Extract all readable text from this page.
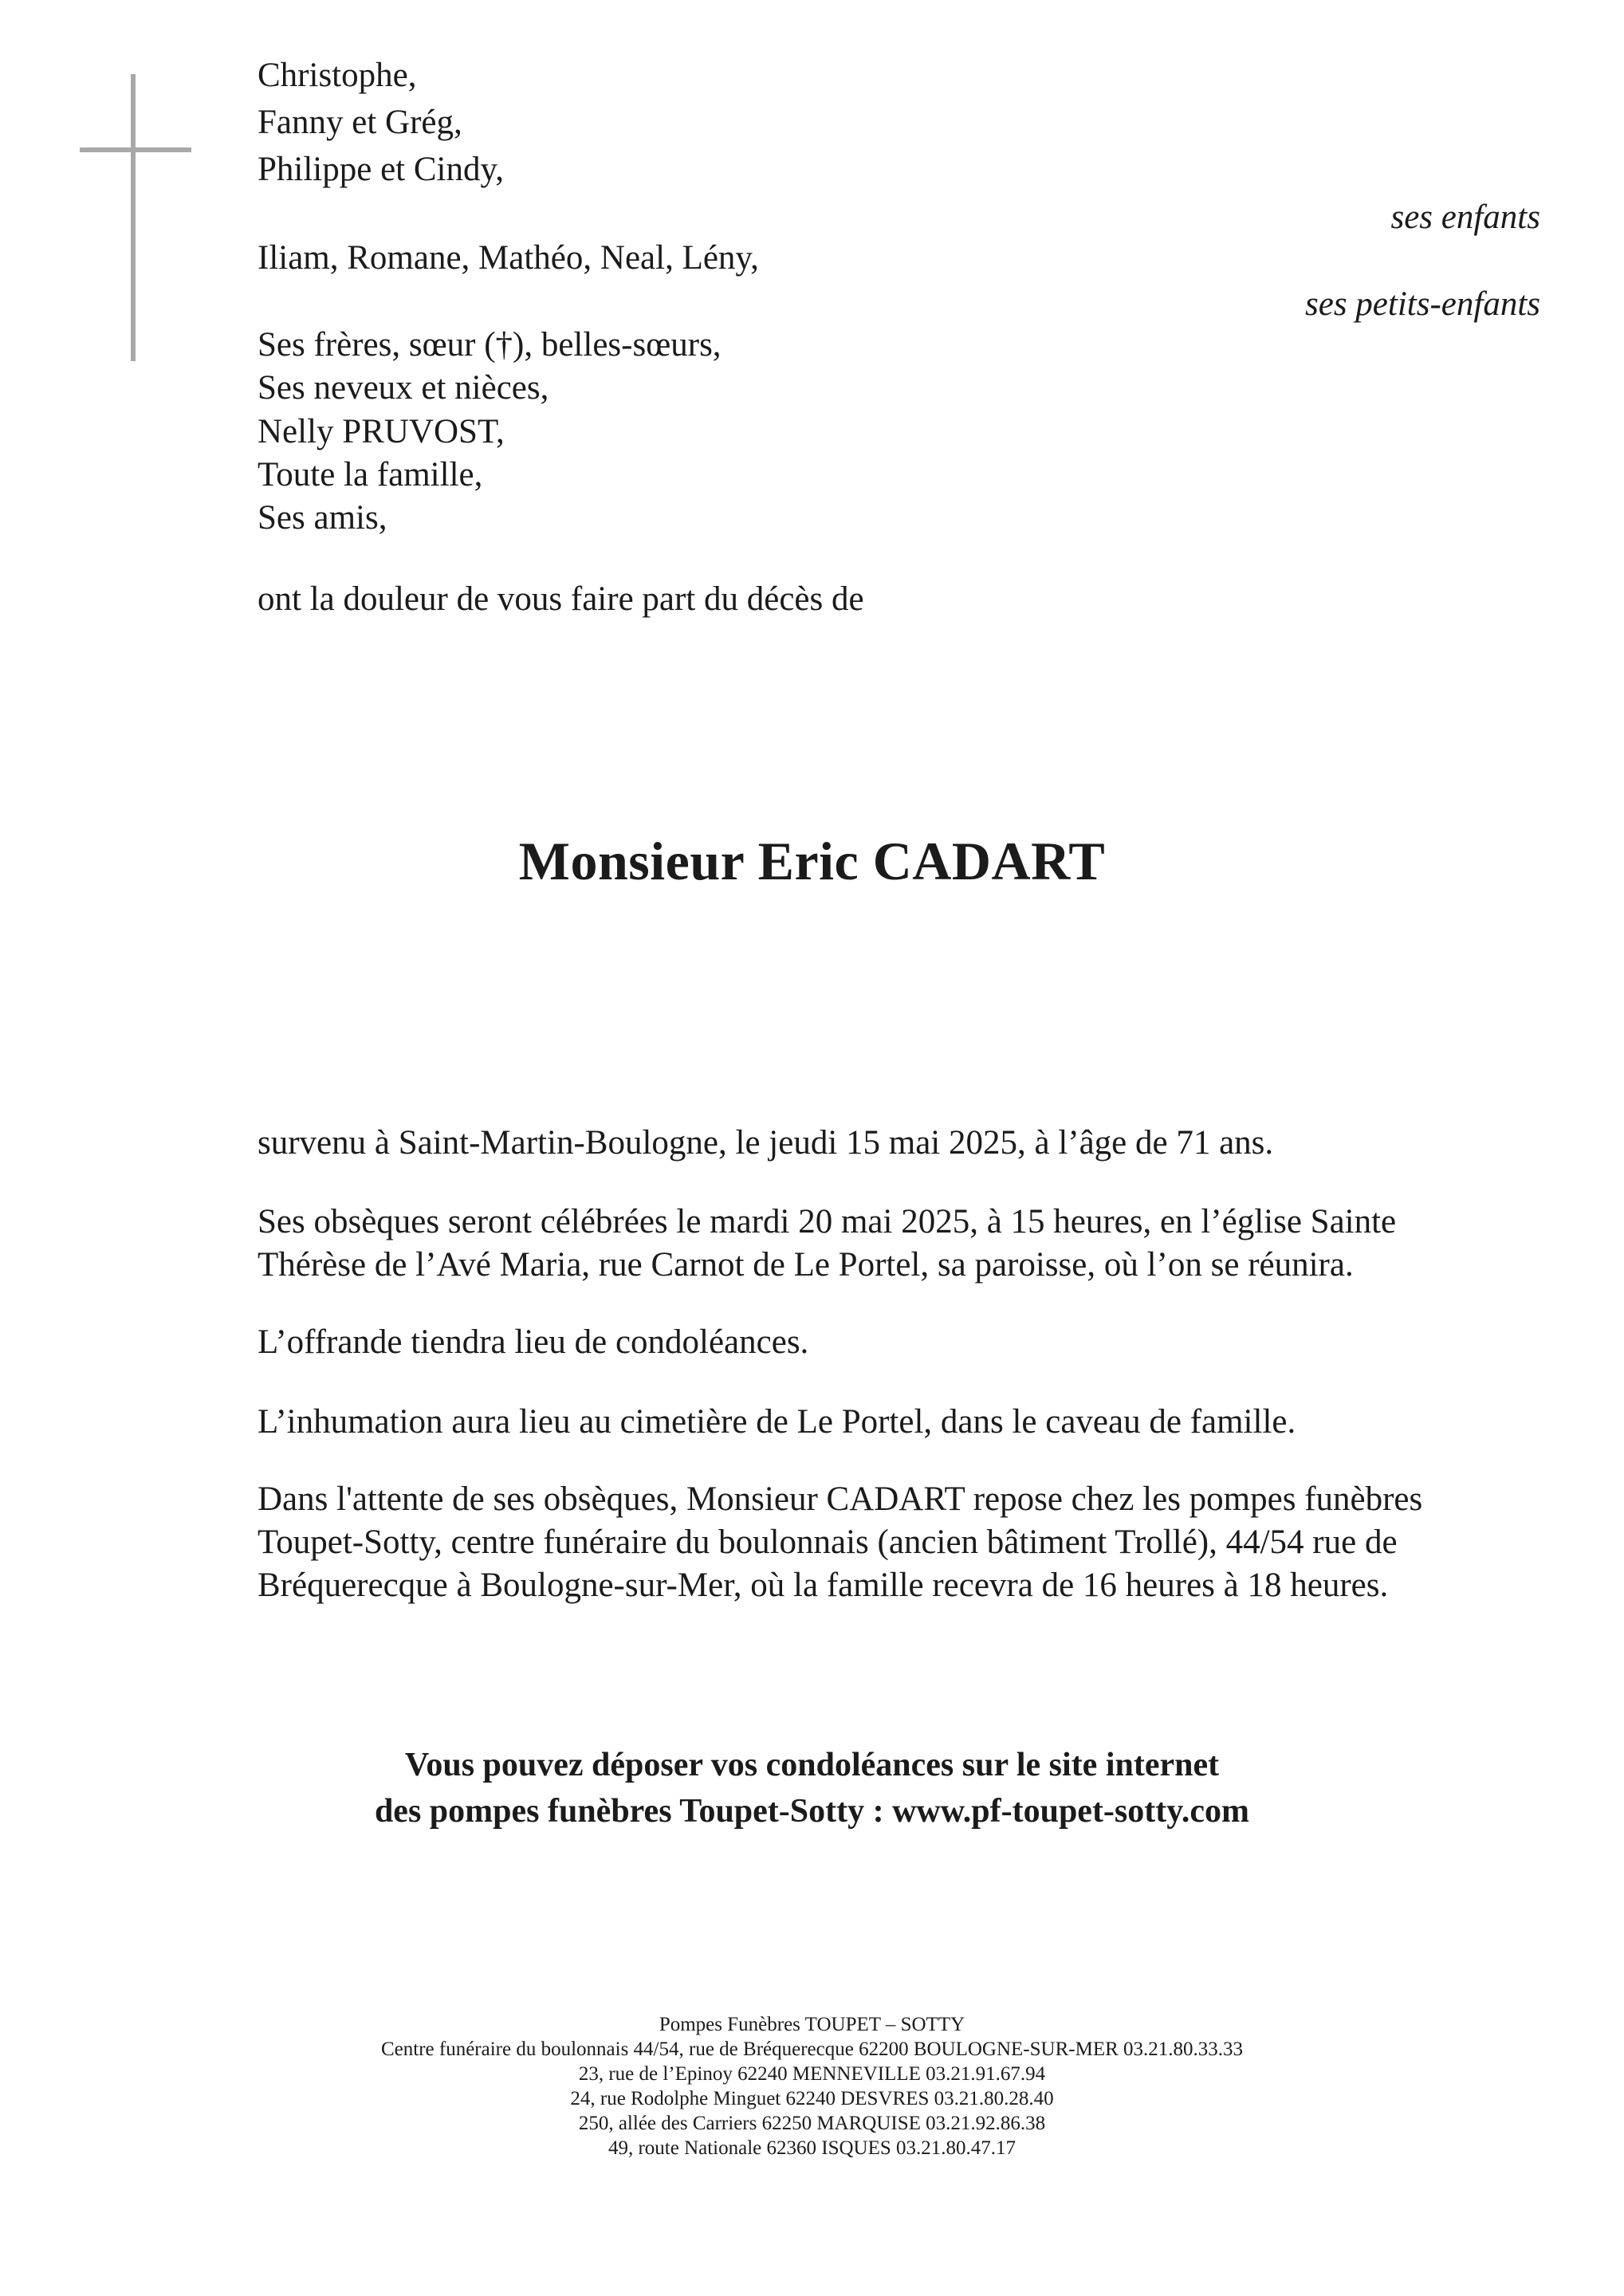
Christophe,
Fanny et Grég,
Philippe et Cindy,
ses enfants
Iliam, Romane, Mathéo, Neal, Lény,
ses petits-enfants
Ses frères, sœur (†), belles-sœurs,
Ses neveux et nièces,
Nelly PRUVOST,
Toute la famille,
Ses amis,
ont la douleur de vous faire part du décès de
Monsieur Eric CADART
survenu à Saint-Martin-Boulogne, le jeudi 15 mai 2025, à l’âge de 71 ans.
Ses obsèques seront célébrées le mardi 20 mai 2025, à 15 heures, en l’église Sainte
Thérèse de l’Avé Maria, rue Carnot de Le Portel, sa paroisse, où l’on se réunira.
L’offrande tiendra lieu de condoléances.
L’inhumation aura lieu au cimetière de Le Portel, dans le caveau de famille.
Dans l'attente de ses obsèques, Monsieur CADART repose chez les pompes funèbres
Toupet-Sotty, centre funéraire du boulonnais (ancien bâtiment Trollé), 44/54 rue de
Bréquerecque à Boulogne-sur-Mer, où la famille recevra de 16 heures à 18 heures.
Vous pouvez déposer vos condoléances sur le site internet
des pompes funèbres Toupet-Sotty : www.pf-toupet-sotty.com
Pompes Funèbres TOUPET – SOTTY
Centre funéraire du boulonnais 44/54, rue de Bréquerecque 62200 BOULOGNE-SUR-MER 03.21.80.33.33
23, rue de l’Epinoy 62240 MENNEVILLE 03.21.91.67.94
24, rue Rodolphe Minguet 62240 DESVRES 03.21.80.28.40
250, allée des Carriers 62250 MARQUISE 03.21.92.86.38
49, route Nationale 62360 ISQUES 03.21.80.47.17
